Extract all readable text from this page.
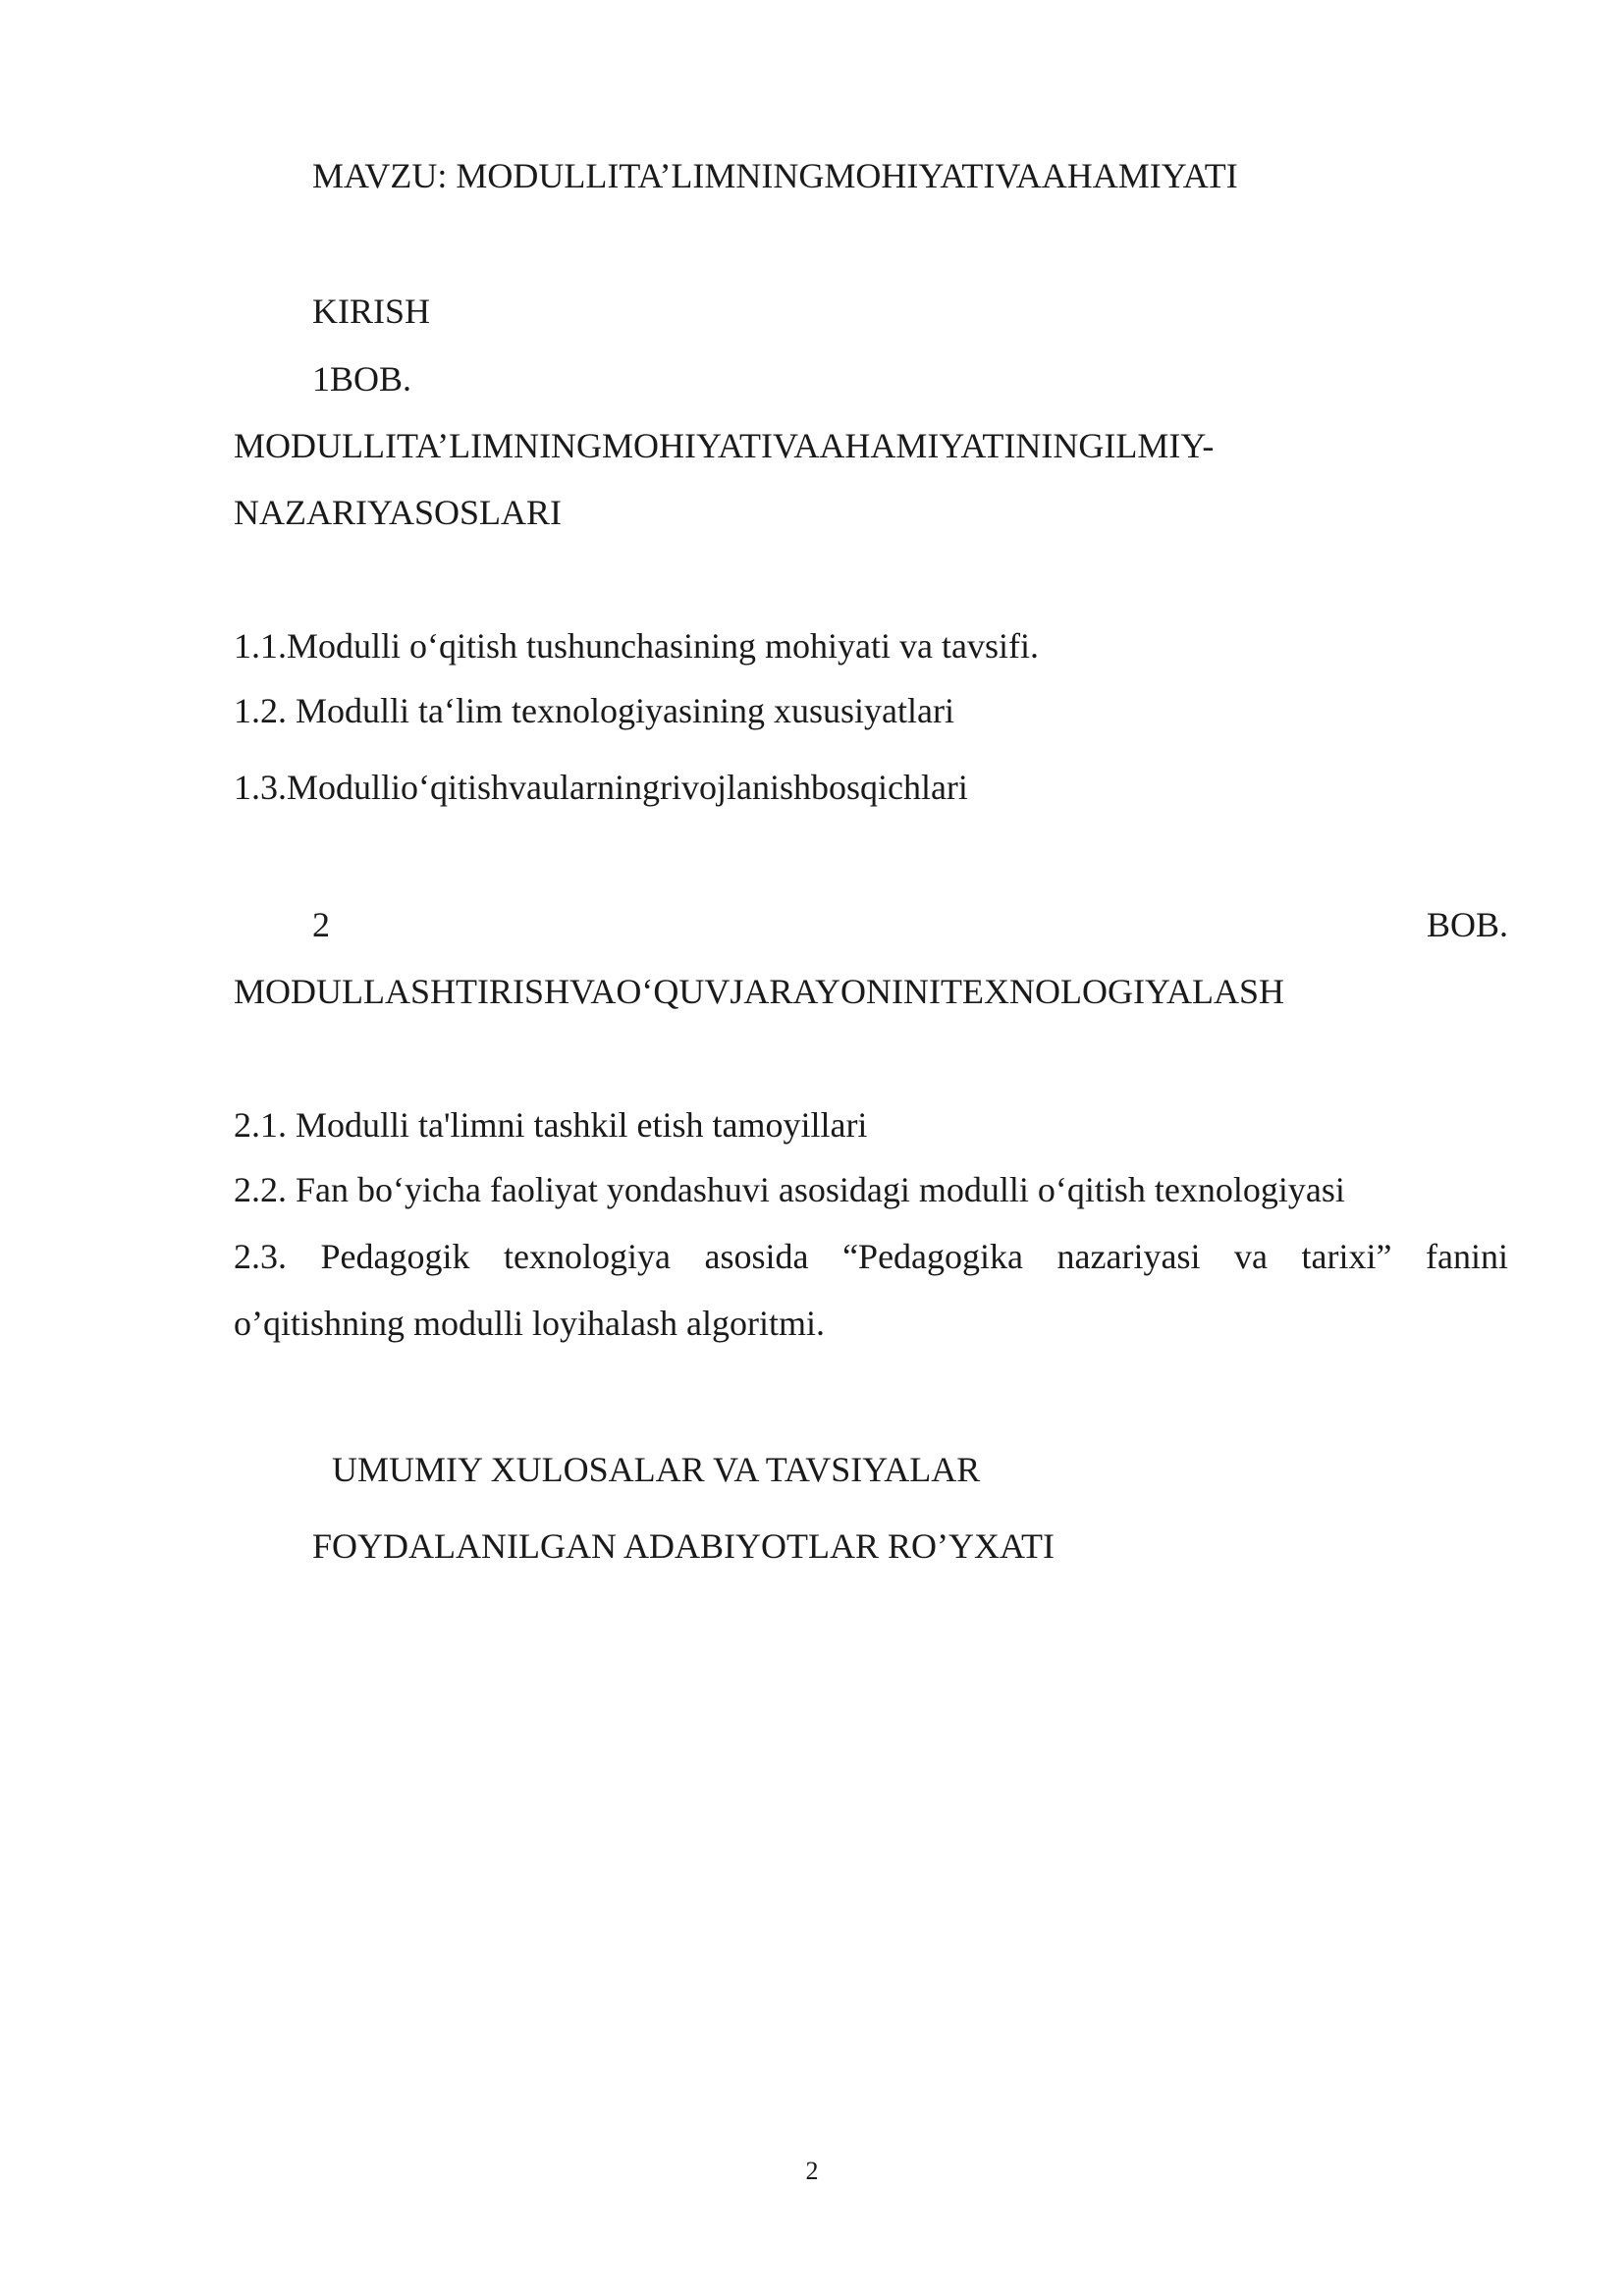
MAVZU: MODULLITA’LIMNINGMOHIYATIVAAHAMIYATI
KIRISH
1BOB.
MODULLITA’LIMNINGMOHIYATIVAAHAMIYATININGILMIY-
NAZARIYASOSLARI
1.1.Modulli o‘qitish tushunchasining mohiyati va tavsifi.
1.2. Modulli ta‘lim texnologiyasining xususiyatlari
1.3.Modullio‘qitishvaularningrivojlanishbosqichlari
2	BOB.
MODULLASHTIRISHVAO‘QUVJARAYONINITEXNOLOGIYALASH
2.1. Modulli ta'limni tashkil etish tamoyillari
2.2. Fan bo‘yicha faoliyat yondashuvi asosidagi modulli o‘qitish texnologiyasi
2.3. Pedagogik texnologiya asosida “Pedagogika nazariyasi va tarixi” fanini
o’qitishning modulli loyihalash algoritmi.
UMUMIY XULOSALAR VA TAVSIYALAR
FOYDALANILGAN ADABIYOTLAR RO’YXATI
2
